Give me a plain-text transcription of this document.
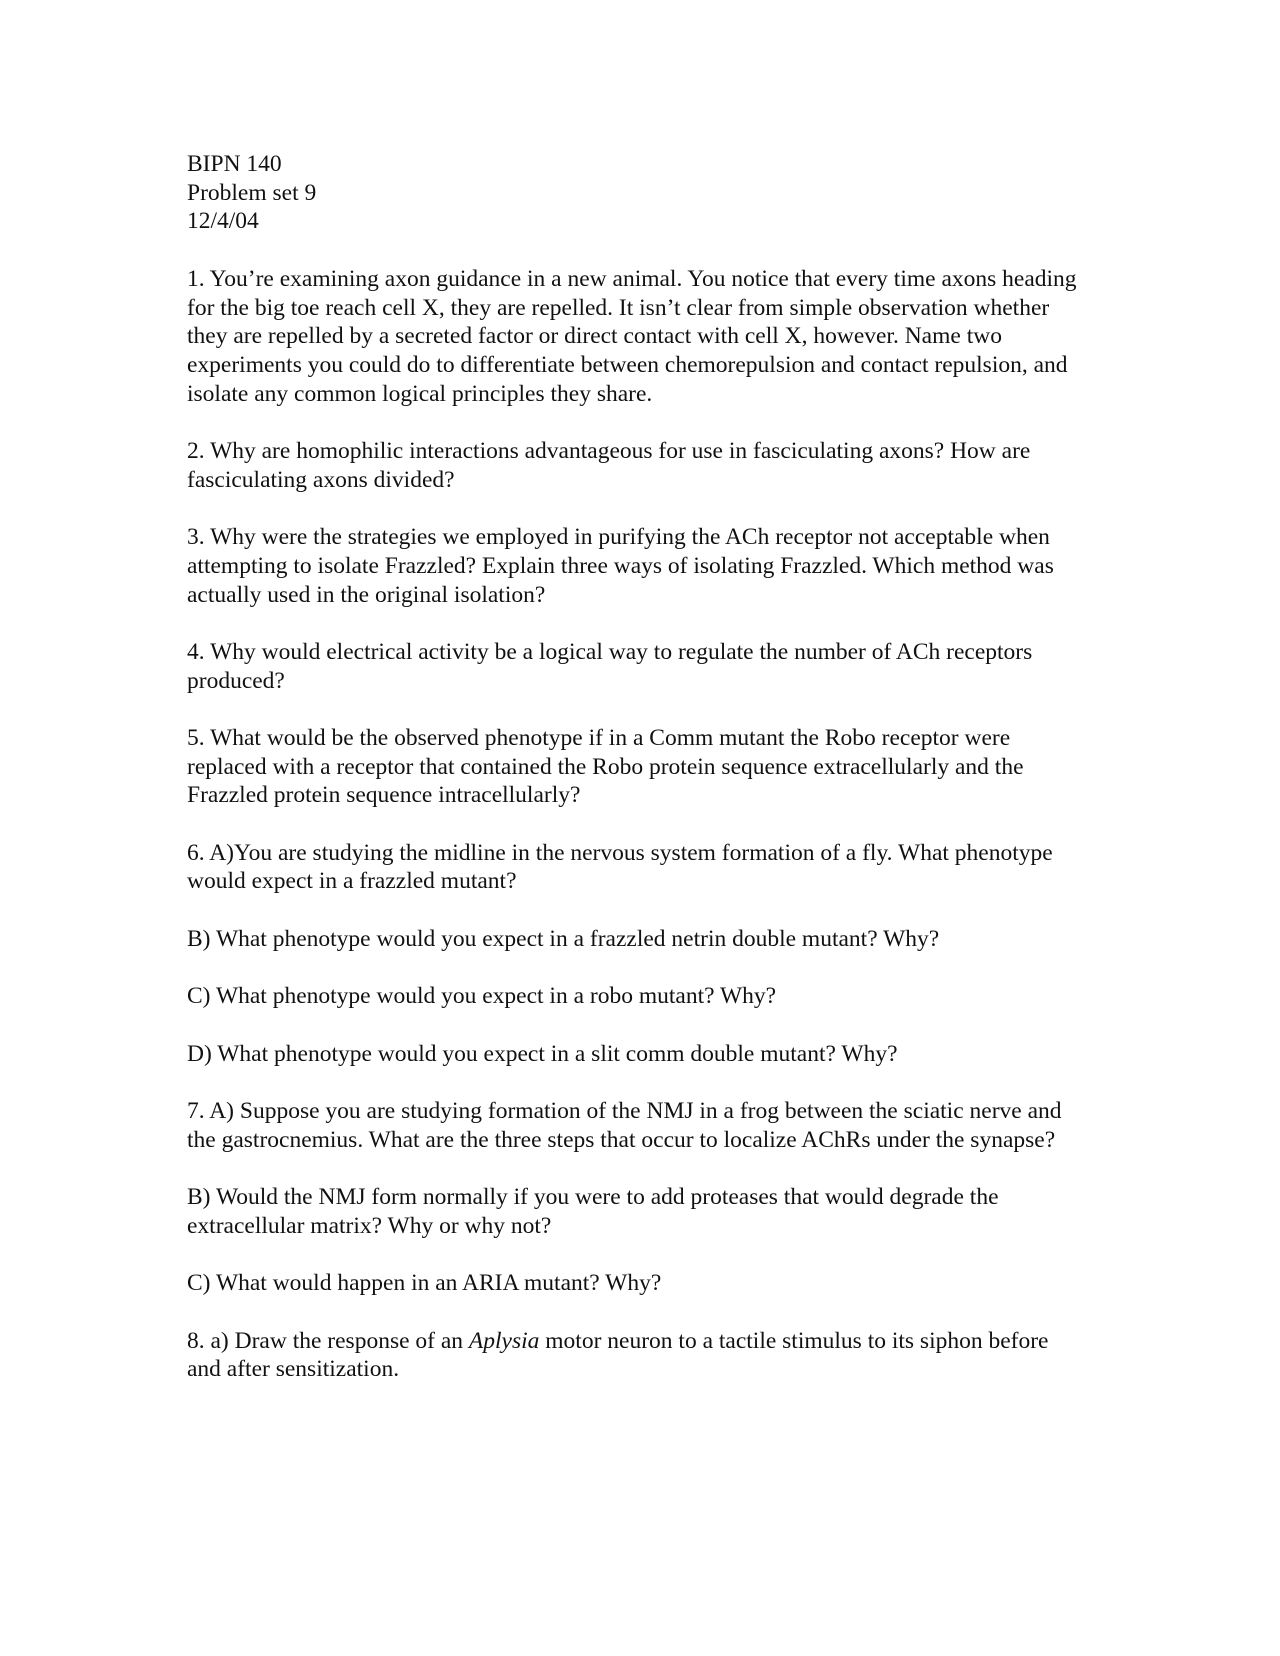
BIPN 140
Problem set 9
12/4/04

1. You’re examining axon guidance in a new animal. You notice that every time axons heading for the big toe reach cell X, they are repelled. It isn’t clear from simple observation whether they are repelled by a secreted factor or direct contact with cell X, however. Name two experiments you could do to differentiate between chemorepulsion and contact repulsion, and isolate any common logical principles they share.

2. Why are homophilic interactions advantageous for use in fasciculating axons? How are fasciculating axons divided?

3. Why were the strategies we employed in purifying the ACh receptor not acceptable when attempting to isolate Frazzled? Explain three ways of isolating Frazzled. Which method was actually used in the original isolation?

4. Why would electrical activity be a logical way to regulate the number of ACh receptors produced?

5. What would be the observed phenotype if in a Comm mutant the Robo receptor were replaced with a receptor that contained the Robo protein sequence extracellularly and the Frazzled protein sequence intracellularly?

6. A)You are studying the midline in the nervous system formation of a fly. What phenotype would expect in a frazzled mutant?

B) What phenotype would you expect in a frazzled netrin double mutant? Why?

C) What phenotype would you expect in a robo mutant? Why?

D) What phenotype would you expect in a slit comm double mutant? Why?

7. A) Suppose you are studying formation of the NMJ in a frog between the sciatic nerve and the gastrocnemius. What are the three steps that occur to localize AChRs under the synapse?

B) Would the NMJ form normally if you were to add proteases that would degrade the extracellular matrix? Why or why not?

C) What would happen in an ARIA mutant? Why?

8. a) Draw the response of an Aplysia motor neuron to a tactile stimulus to its siphon before and after sensitization.
